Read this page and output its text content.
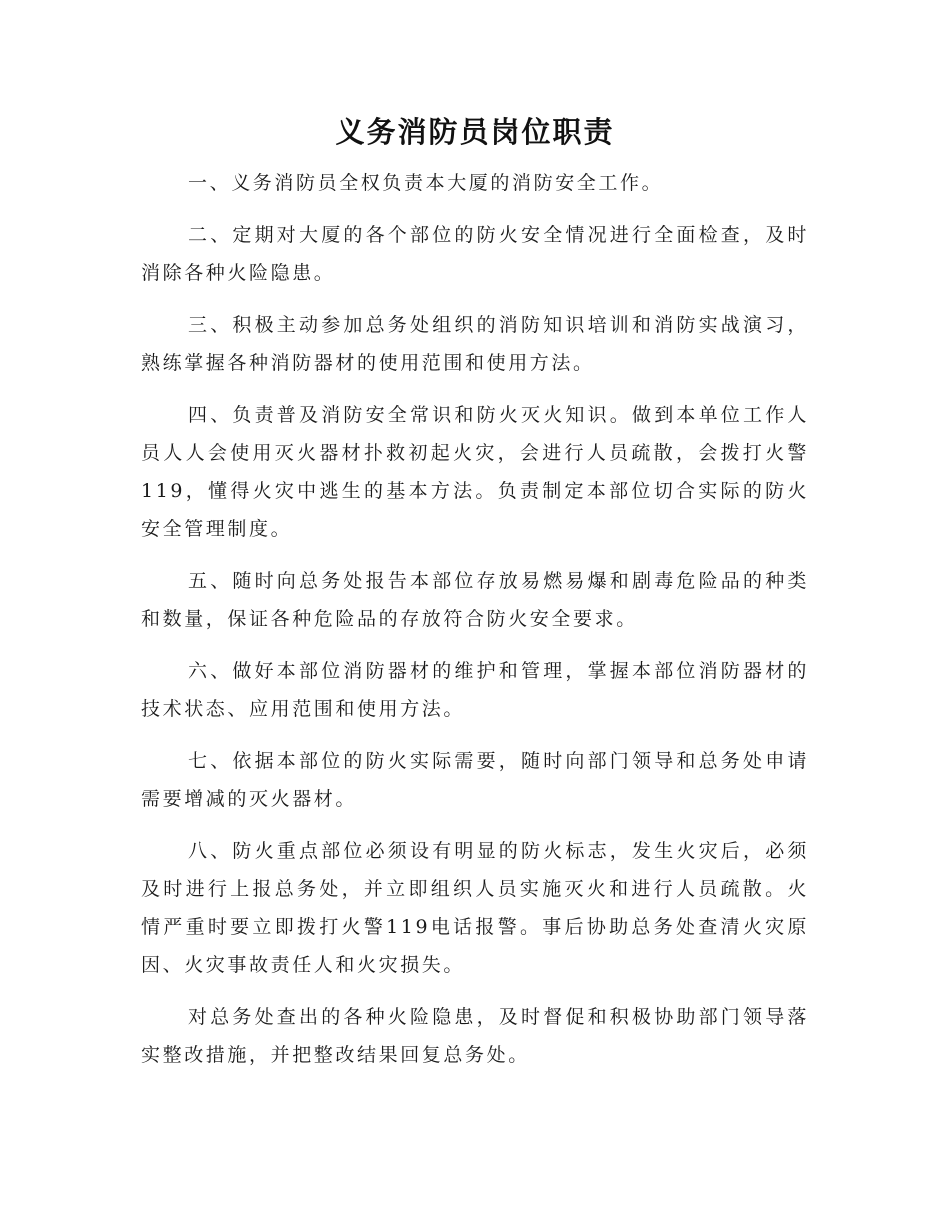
义务消防员岗位职责

一、义务消防员全权负责本大厦的消防安全工作。

二、定期对大厦的各个部位的防火安全情况进行全面检查，及时消除各种火险隐患。

三、积极主动参加总务处组织的消防知识培训和消防实战演习，熟练掌握各种消防器材的使用范围和使用方法。

四、负责普及消防安全常识和防火灭火知识。做到本单位工作人员人人会使用灭火器材扑救初起火灾，会进行人员疏散，会拨打火警119，懂得火灾中逃生的基本方法。负责制定本部位切合实际的防火安全管理制度。

五、随时向总务处报告本部位存放易燃易爆和剧毒危险品的种类和数量，保证各种危险品的存放符合防火安全要求。

六、做好本部位消防器材的维护和管理，掌握本部位消防器材的技术状态、应用范围和使用方法。

七、依据本部位的防火实际需要，随时向部门领导和总务处申请需要增减的灭火器材。

八、防火重点部位必须设有明显的防火标志，发生火灾后，必须及时进行上报总务处，并立即组织人员实施灭火和进行人员疏散。火情严重时要立即拨打火警119电话报警。事后协助总务处查清火灾原因、火灾事故责任人和火灾损失。

对总务处查出的各种火险隐患，及时督促和积极协助部门领导落实整改措施，并把整改结果回复总务处。
